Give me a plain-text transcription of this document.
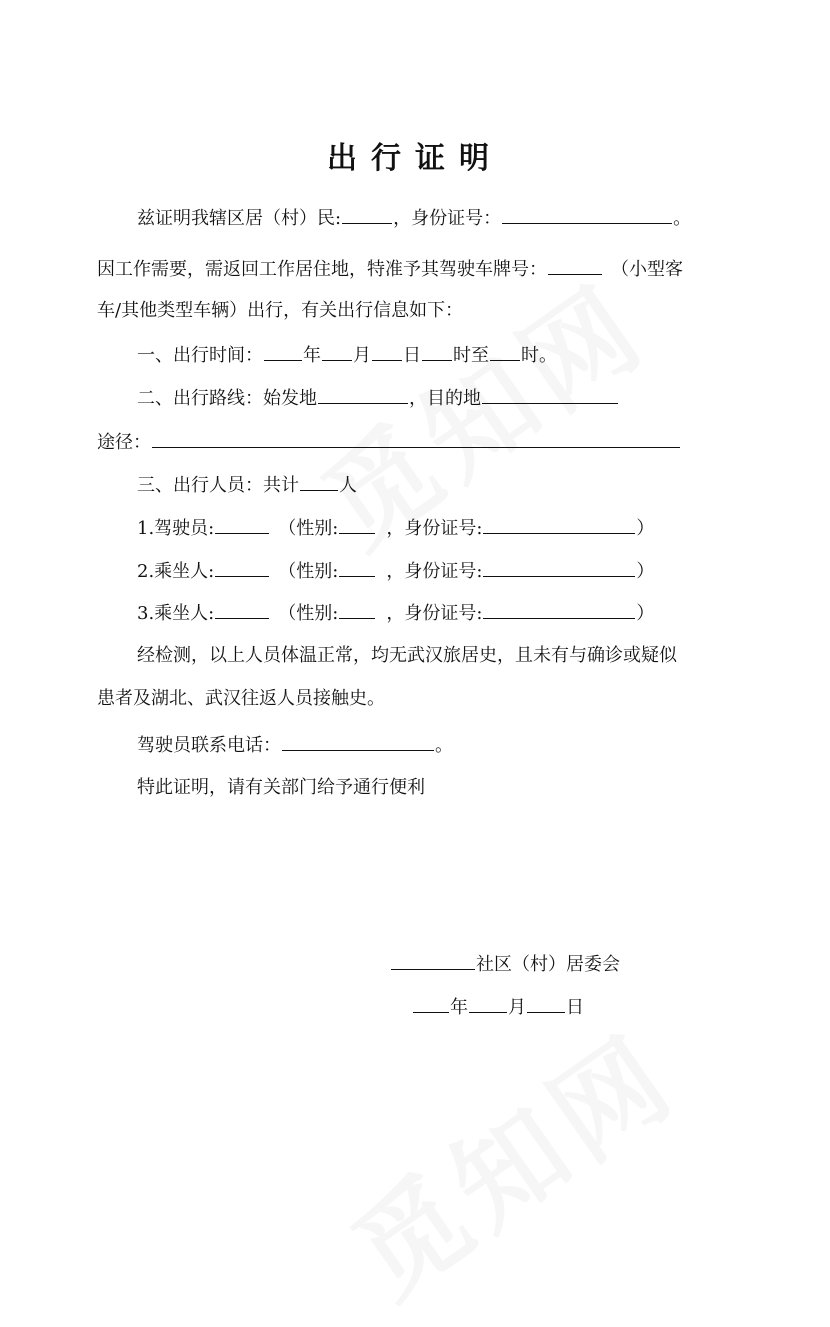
出行证明
兹证明我辖区居（村）民:	，身份证号：	。
因工作需要，需返回工作居住地，特准予其驾驶车牌号：	（小型客
车/其他类型车辆）出行，有关出行信息如下：
一、出行时间： 年 月 日 时至 时。
二、出行路线：始发地	，目的地
途径：
三、出行人员：共计 人
1.驾驶员:	（性别:	，身份证号:	）
2.乘坐人:	（性别:	，身份证号:	）
3.乘坐人:	（性别:	，身份证号:	）
经检测，以上人员体温正常，均无武汉旅居史，且未有与确诊或疑似
患者及湖北、武汉往返人员接触史。
驾驶员联系电话：	。
特此证明，请有关部门给予通行便利
社区（村）居委会
年 月 日
